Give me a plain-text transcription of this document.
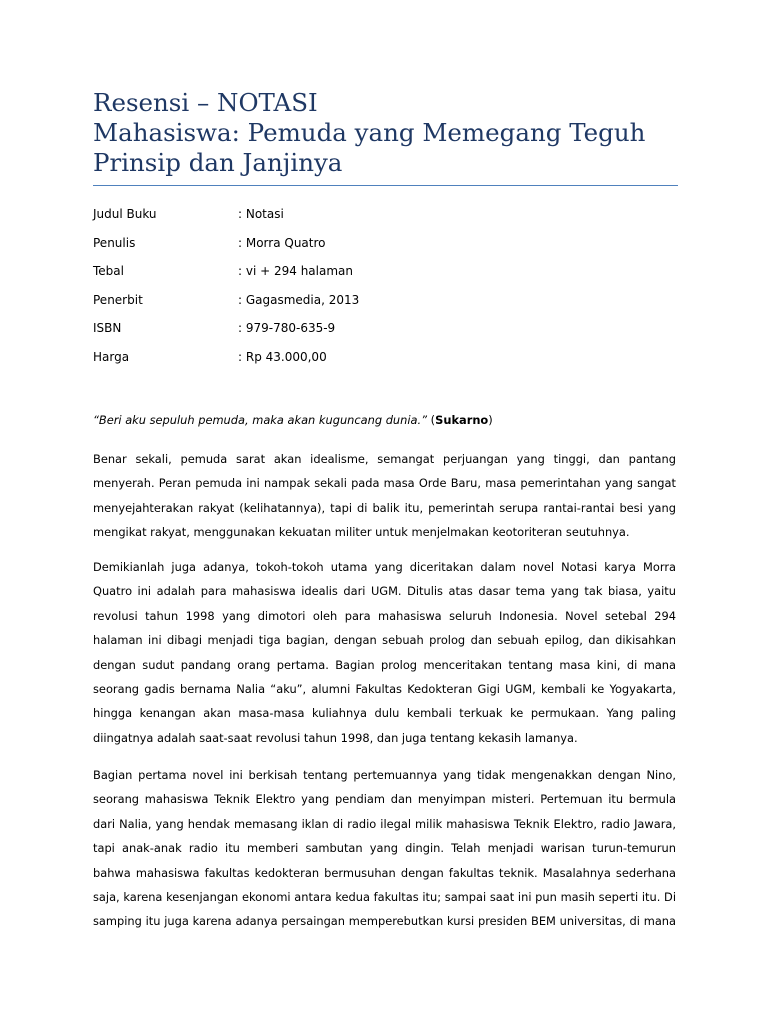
Resensi – NOTASI
Mahasiswa: Pemuda yang Memegang Teguh
Prinsip dan Janjinya
Judul Buku	: Notasi
Penulis	: Morra Quatro
Tebal	: vi + 294 halaman
Penerbit	: Gagasmedia, 2013
ISBN	: 979-780-635-9
Harga	: Rp 43.000,00
“Beri aku sepuluh pemuda, maka akan kuguncang dunia.” (Sukarno)
Benar sekali, pemuda sarat akan idealisme, semangat perjuangan yang tinggi, dan pantang
menyerah. Peran pemuda ini nampak sekali pada masa Orde Baru, masa pemerintahan yang sangat
menyejahterakan rakyat (kelihatannya), tapi di balik itu, pemerintah serupa rantai-rantai besi yang
mengikat rakyat, menggunakan kekuatan militer untuk menjelmakan keotoriteran seutuhnya.
Demikianlah juga adanya, tokoh-tokoh utama yang diceritakan dalam novel Notasi karya Morra
Quatro ini adalah para mahasiswa idealis dari UGM. Ditulis atas dasar tema yang tak biasa, yaitu
revolusi tahun 1998 yang dimotori oleh para mahasiswa seluruh Indonesia. Novel setebal 294
halaman ini dibagi menjadi tiga bagian, dengan sebuah prolog dan sebuah epilog, dan dikisahkan
dengan sudut pandang orang pertama. Bagian prolog menceritakan tentang masa kini, di mana
seorang gadis bernama Nalia “aku”, alumni Fakultas Kedokteran Gigi UGM, kembali ke Yogyakarta,
hingga kenangan akan masa-masa kuliahnya dulu kembali terkuak ke permukaan. Yang paling
diingatnya adalah saat-saat revolusi tahun 1998, dan juga tentang kekasih lamanya.
Bagian pertama novel ini berkisah tentang pertemuannya yang tidak mengenakkan dengan Nino,
seorang mahasiswa Teknik Elektro yang pendiam dan menyimpan misteri. Pertemuan itu bermula
dari Nalia, yang hendak memasang iklan di radio ilegal milik mahasiswa Teknik Elektro, radio Jawara,
tapi anak-anak radio itu memberi sambutan yang dingin. Telah menjadi warisan turun-temurun
bahwa mahasiswa fakultas kedokteran bermusuhan dengan fakultas teknik. Masalahnya sederhana
saja, karena kesenjangan ekonomi antara kedua fakultas itu; sampai saat ini pun masih seperti itu. Di
samping itu juga karena adanya persaingan memperebutkan kursi presiden BEM universitas, di mana
